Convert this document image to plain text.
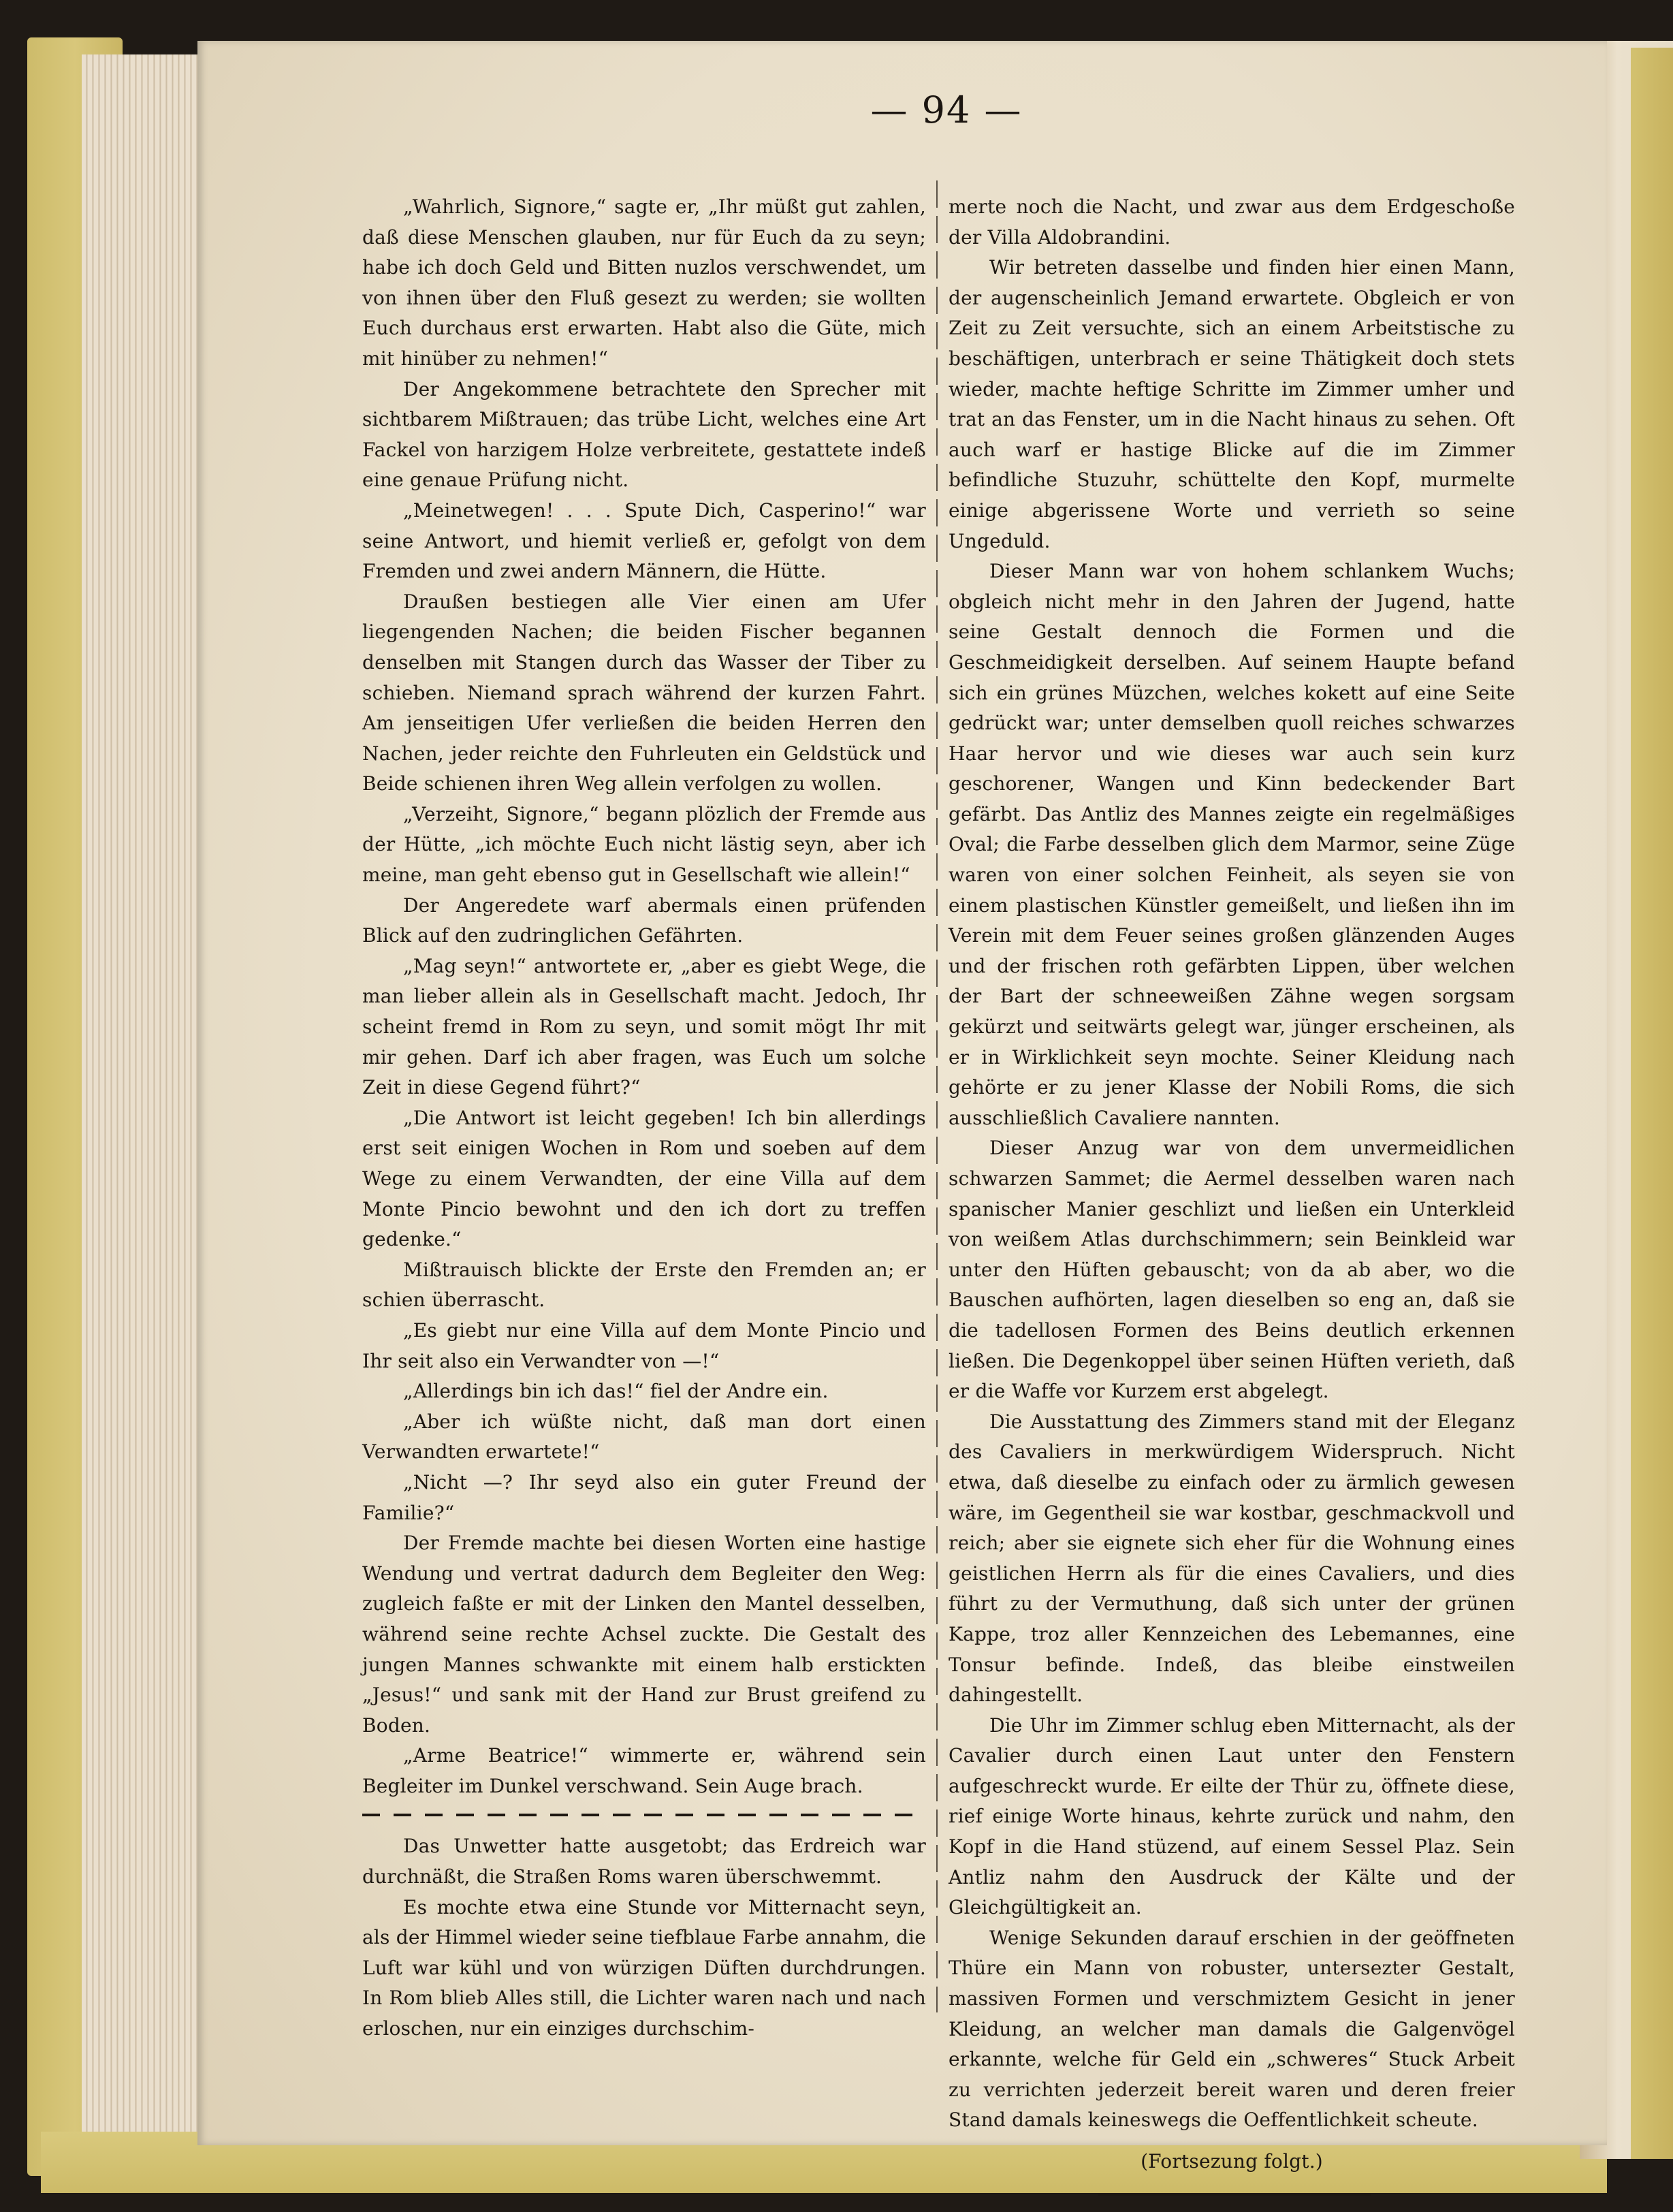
— 94 —

„Wahrlich, Signore,“ sagte er, „Ihr müßt gut zahlen, daß diese Menschen glauben, nur für Euch da zu seyn; habe ich doch Geld und Bitten nuzlos verschwendet, um von ihnen über den Fluß gesezt zu werden; sie wollten Euch durchaus erst erwarten. Habt also die Güte, mich mit hinüber zu nehmen!“

Der Angekommene betrachtete den Sprecher mit sichtbarem Mißtrauen; das trübe Licht, welches eine Art Fackel von harzigem Holze verbreitete, gestattete indeß eine genaue Prüfung nicht.

„Meinetwegen! . . . Spute Dich, Casperino!“ war seine Antwort, und hiemit verließ er, gefolgt von dem Fremden und zwei andern Männern, die Hütte.

Draußen bestiegen alle Vier einen am Ufer liegengenden Nachen; die beiden Fischer begannen denselben mit Stangen durch das Wasser der Tiber zu schieben. Niemand sprach während der kurzen Fahrt. Am jenseitigen Ufer verließen die beiden Herren den Nachen, jeder reichte den Fuhrleuten ein Geldstück und Beide schienen ihren Weg allein verfolgen zu wollen.

„Verzeiht, Signore,“ begann plözlich der Fremde aus der Hütte, „ich möchte Euch nicht lästig seyn, aber ich meine, man geht ebenso gut in Gesellschaft wie allein!“

Der Angeredete warf abermals einen prüfenden Blick auf den zudringlichen Gefährten.

„Mag seyn!“ antwortete er, „aber es giebt Wege, die man lieber allein als in Gesellschaft macht. Jedoch, Ihr scheint fremd in Rom zu seyn, und somit mögt Ihr mit mir gehen. Darf ich aber fragen, was Euch um solche Zeit in diese Gegend führt?“

„Die Antwort ist leicht gegeben! Ich bin allerdings erst seit einigen Wochen in Rom und soeben auf dem Wege zu einem Verwandten, der eine Villa auf dem Monte Pincio bewohnt und den ich dort zu treffen gedenke.“

Mißtrauisch blickte der Erste den Fremden an; er schien überrascht.

„Es giebt nur eine Villa auf dem Monte Pincio und Ihr seit also ein Verwandter von —!“

„Allerdings bin ich das!“ fiel der Andre ein.

„Aber ich wüßte nicht, daß man dort einen Verwandten erwartete!“

„Nicht —? Ihr seyd also ein guter Freund der Familie?“

Der Fremde machte bei diesen Worten eine hastige Wendung und vertrat dadurch dem Begleiter den Weg: zugleich faßte er mit der Linken den Mantel desselben, während seine rechte Achsel zuckte. Die Gestalt des jungen Mannes schwankte mit einem halb erstickten „Jesus!“ und sank mit der Hand zur Brust greifend zu Boden.

„Arme Beatrice!“ wimmerte er, während sein Begleiter im Dunkel verschwand. Sein Auge brach.

Das Unwetter hatte ausgetobt; das Erdreich war durchnäßt, die Straßen Roms waren überschwemmt.

Es mochte etwa eine Stunde vor Mitternacht seyn, als der Himmel wieder seine tiefblaue Farbe annahm, die Luft war kühl und von würzigen Düften durchdrungen. In Rom blieb Alles still, die Lichter waren nach und nach erloschen, nur ein einziges durchschim-

merte noch die Nacht, und zwar aus dem Erdgeschoße der Villa Aldobrandini.

Wir betreten dasselbe und finden hier einen Mann, der augenscheinlich Jemand erwartete. Obgleich er von Zeit zu Zeit versuchte, sich an einem Arbeitstische zu beschäftigen, unterbrach er seine Thätigkeit doch stets wieder, machte heftige Schritte im Zimmer umher und trat an das Fenster, um in die Nacht hinaus zu sehen. Oft auch warf er hastige Blicke auf die im Zimmer befindliche Stuzuhr, schüttelte den Kopf, murmelte einige abgerissene Worte und verrieth so seine Ungeduld.

Dieser Mann war von hohem schlankem Wuchs; obgleich nicht mehr in den Jahren der Jugend, hatte seine Gestalt dennoch die Formen und die Geschmeidigkeit derselben. Auf seinem Haupte befand sich ein grünes Müzchen, welches kokett auf eine Seite gedrückt war; unter demselben quoll reiches schwarzes Haar hervor und wie dieses war auch sein kurz geschorener, Wangen und Kinn bedeckender Bart gefärbt. Das Antliz des Mannes zeigte ein regelmäßiges Oval; die Farbe desselben glich dem Marmor, seine Züge waren von einer solchen Feinheit, als seyen sie von einem plastischen Künstler gemeißelt, und ließen ihn im Verein mit dem Feuer seines großen glänzenden Auges und der frischen roth gefärbten Lippen, über welchen der Bart der schneeweißen Zähne wegen sorgsam gekürzt und seitwärts gelegt war, jünger erscheinen, als er in Wirklichkeit seyn mochte. Seiner Kleidung nach gehörte er zu jener Klasse der Nobili Roms, die sich ausschließlich Cavaliere nannten.

Dieser Anzug war von dem unvermeidlichen schwarzen Sammet; die Aermel desselben waren nach spanischer Manier geschlizt und ließen ein Unterkleid von weißem Atlas durchschimmern; sein Beinkleid war unter den Hüften gebauscht; von da ab aber, wo die Bauschen aufhörten, lagen dieselben so eng an, daß sie die tadellosen Formen des Beins deutlich erkennen ließen. Die Degenkoppel über seinen Hüften verieth, daß er die Waffe vor Kurzem erst abgelegt.

Die Ausstattung des Zimmers stand mit der Eleganz des Cavaliers in merkwürdigem Widerspruch. Nicht etwa, daß dieselbe zu einfach oder zu ärmlich gewesen wäre, im Gegentheil sie war kostbar, geschmackvoll und reich; aber sie eignete sich eher für die Wohnung eines geistlichen Herrn als für die eines Cavaliers, und dies führt zu der Vermuthung, daß sich unter der grünen Kappe, troz aller Kennzeichen des Lebemannes, eine Tonsur befinde. Indeß, das bleibe einstweilen dahingestellt.

Die Uhr im Zimmer schlug eben Mitternacht, als der Cavalier durch einen Laut unter den Fenstern aufgeschreckt wurde. Er eilte der Thür zu, öffnete diese, rief einige Worte hinaus, kehrte zurück und nahm, den Kopf in die Hand stüzend, auf einem Sessel Plaz. Sein Antliz nahm den Ausdruck der Kälte und der Gleichgültigkeit an.

Wenige Sekunden darauf erschien in der geöffneten Thüre ein Mann von robuster, untersezter Gestalt, massiven Formen und verschmiztem Gesicht in jener Kleidung, an welcher man damals die Galgenvögel erkannte, welche für Geld ein „schweres“ Stuck Arbeit zu verrichten jederzeit bereit waren und deren freier Stand damals keineswegs die Oeffentlichkeit scheute.

(Fortsezung folgt.)
